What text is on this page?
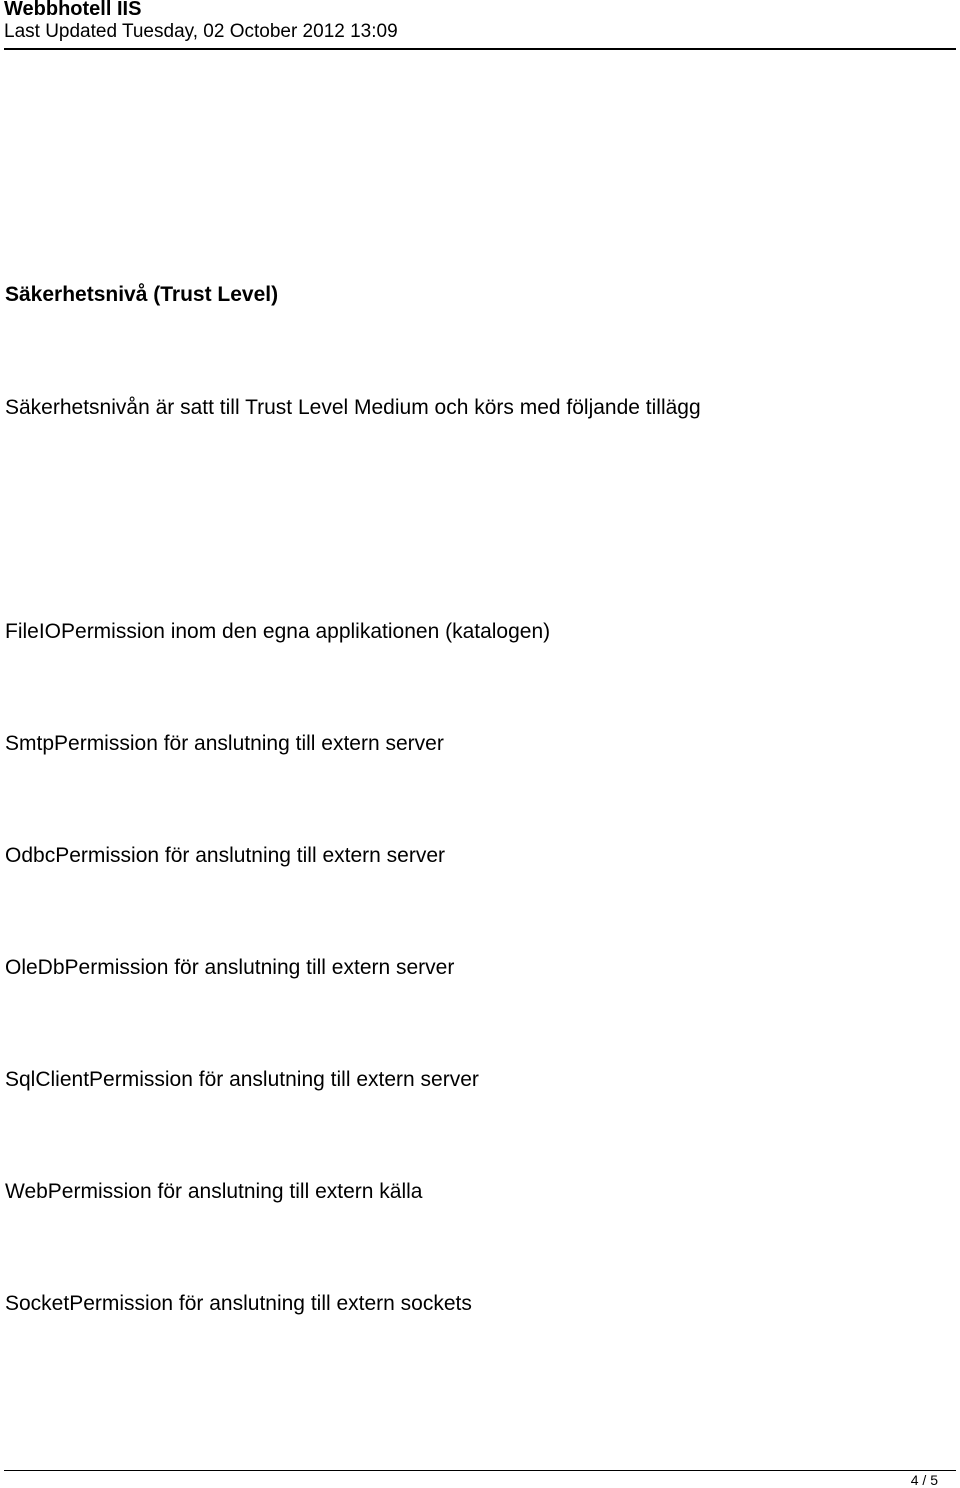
Webbhotell IIS
Last Updated Tuesday, 02 October 2012 13:09
Säkerhetsnivå (Trust Level)
Säkerhetsnivån är satt till Trust Level Medium och körs med följande tillägg
FileIOPermission inom den egna applikationen (katalogen)
SmtpPermission för anslutning till extern server
OdbcPermission för anslutning till extern server
OleDbPermission för anslutning till extern server
SqlClientPermission för anslutning till extern server
WebPermission för anslutning till extern källa
SocketPermission för anslutning till extern sockets
4 / 5
